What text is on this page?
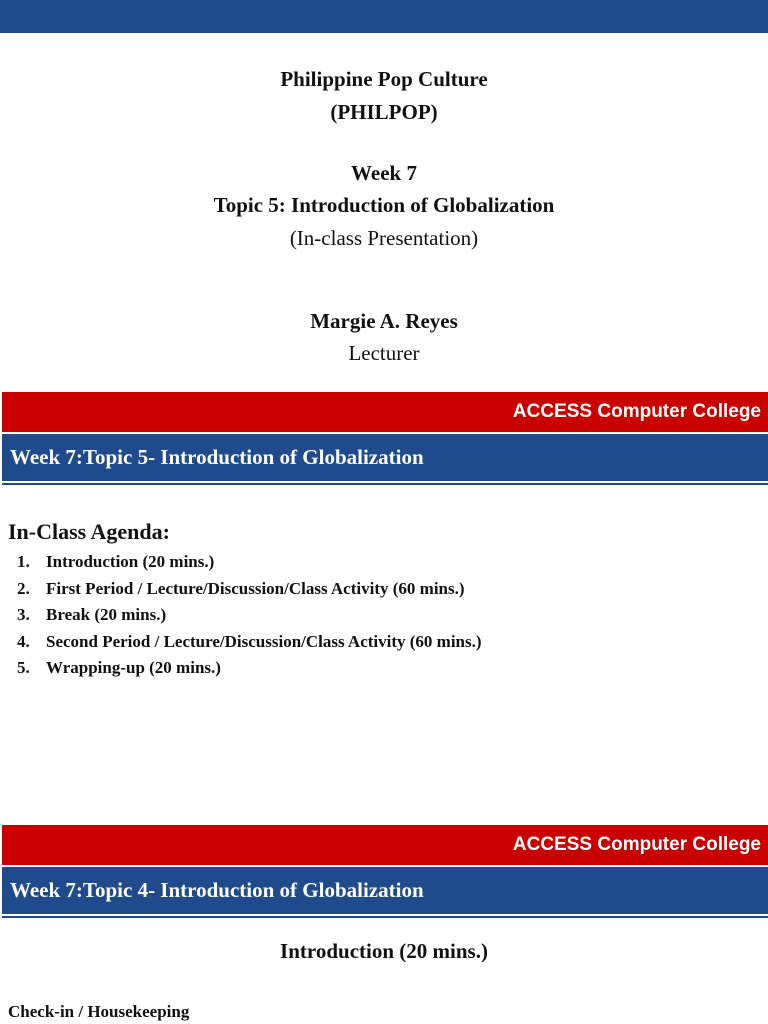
Philippine Pop Culture
(PHILPOP)
Week 7
Topic 5: Introduction of Globalization
(In-class Presentation)
Margie A. Reyes
Lecturer
ACCESS Computer College
Week 7:Topic 5- Introduction of Globalization
In-Class Agenda:
1. Introduction (20 mins.)
2. First Period / Lecture/Discussion/Class Activity (60 mins.)
3. Break (20 mins.)
4. Second Period / Lecture/Discussion/Class Activity (60 mins.)
5. Wrapping-up (20 mins.)
ACCESS Computer College
Week 7:Topic 4- Introduction of Globalization
Introduction (20 mins.)
Check-in / Housekeeping
